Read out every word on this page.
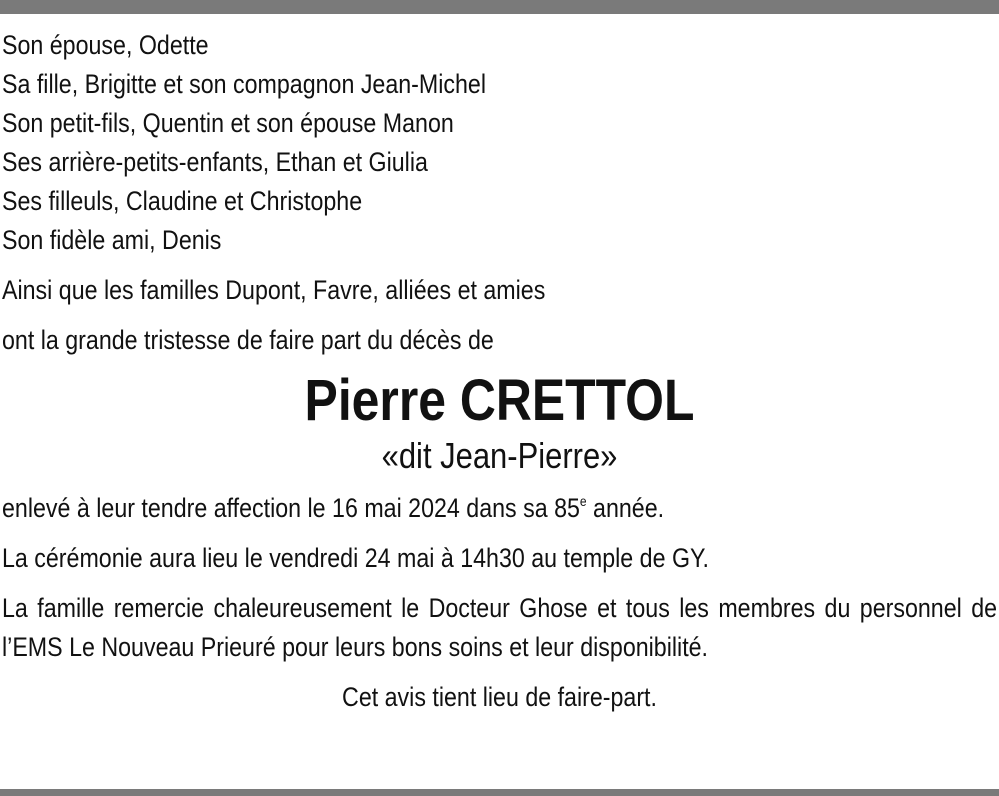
Son épouse, Odette

Sa fille, Brigitte et son compagnon Jean-Michel

Son petit-fils, Quentin et son épouse Manon

Ses arrière-petits-enfants, Ethan et Giulia

Ses filleuls, Claudine et Christophe

Son fidèle ami, Denis

Ainsi que les familles Dupont, Favre, alliées et amies

ont la grande tristesse de faire part du décès de

Pierre CRETTOL

«dit Jean-Pierre»

enlevé à leur tendre affection le 16 mai 2024 dans sa 85e année.

La cérémonie aura lieu le vendredi 24 mai à 14h30 au temple de GY.

La famille remercie chaleureusement le Docteur Ghose et tous les membres du personnel de l’EMS Le Nouveau Prieuré pour leurs bons soins et leur disponibilité.

Cet avis tient lieu de faire-part.
